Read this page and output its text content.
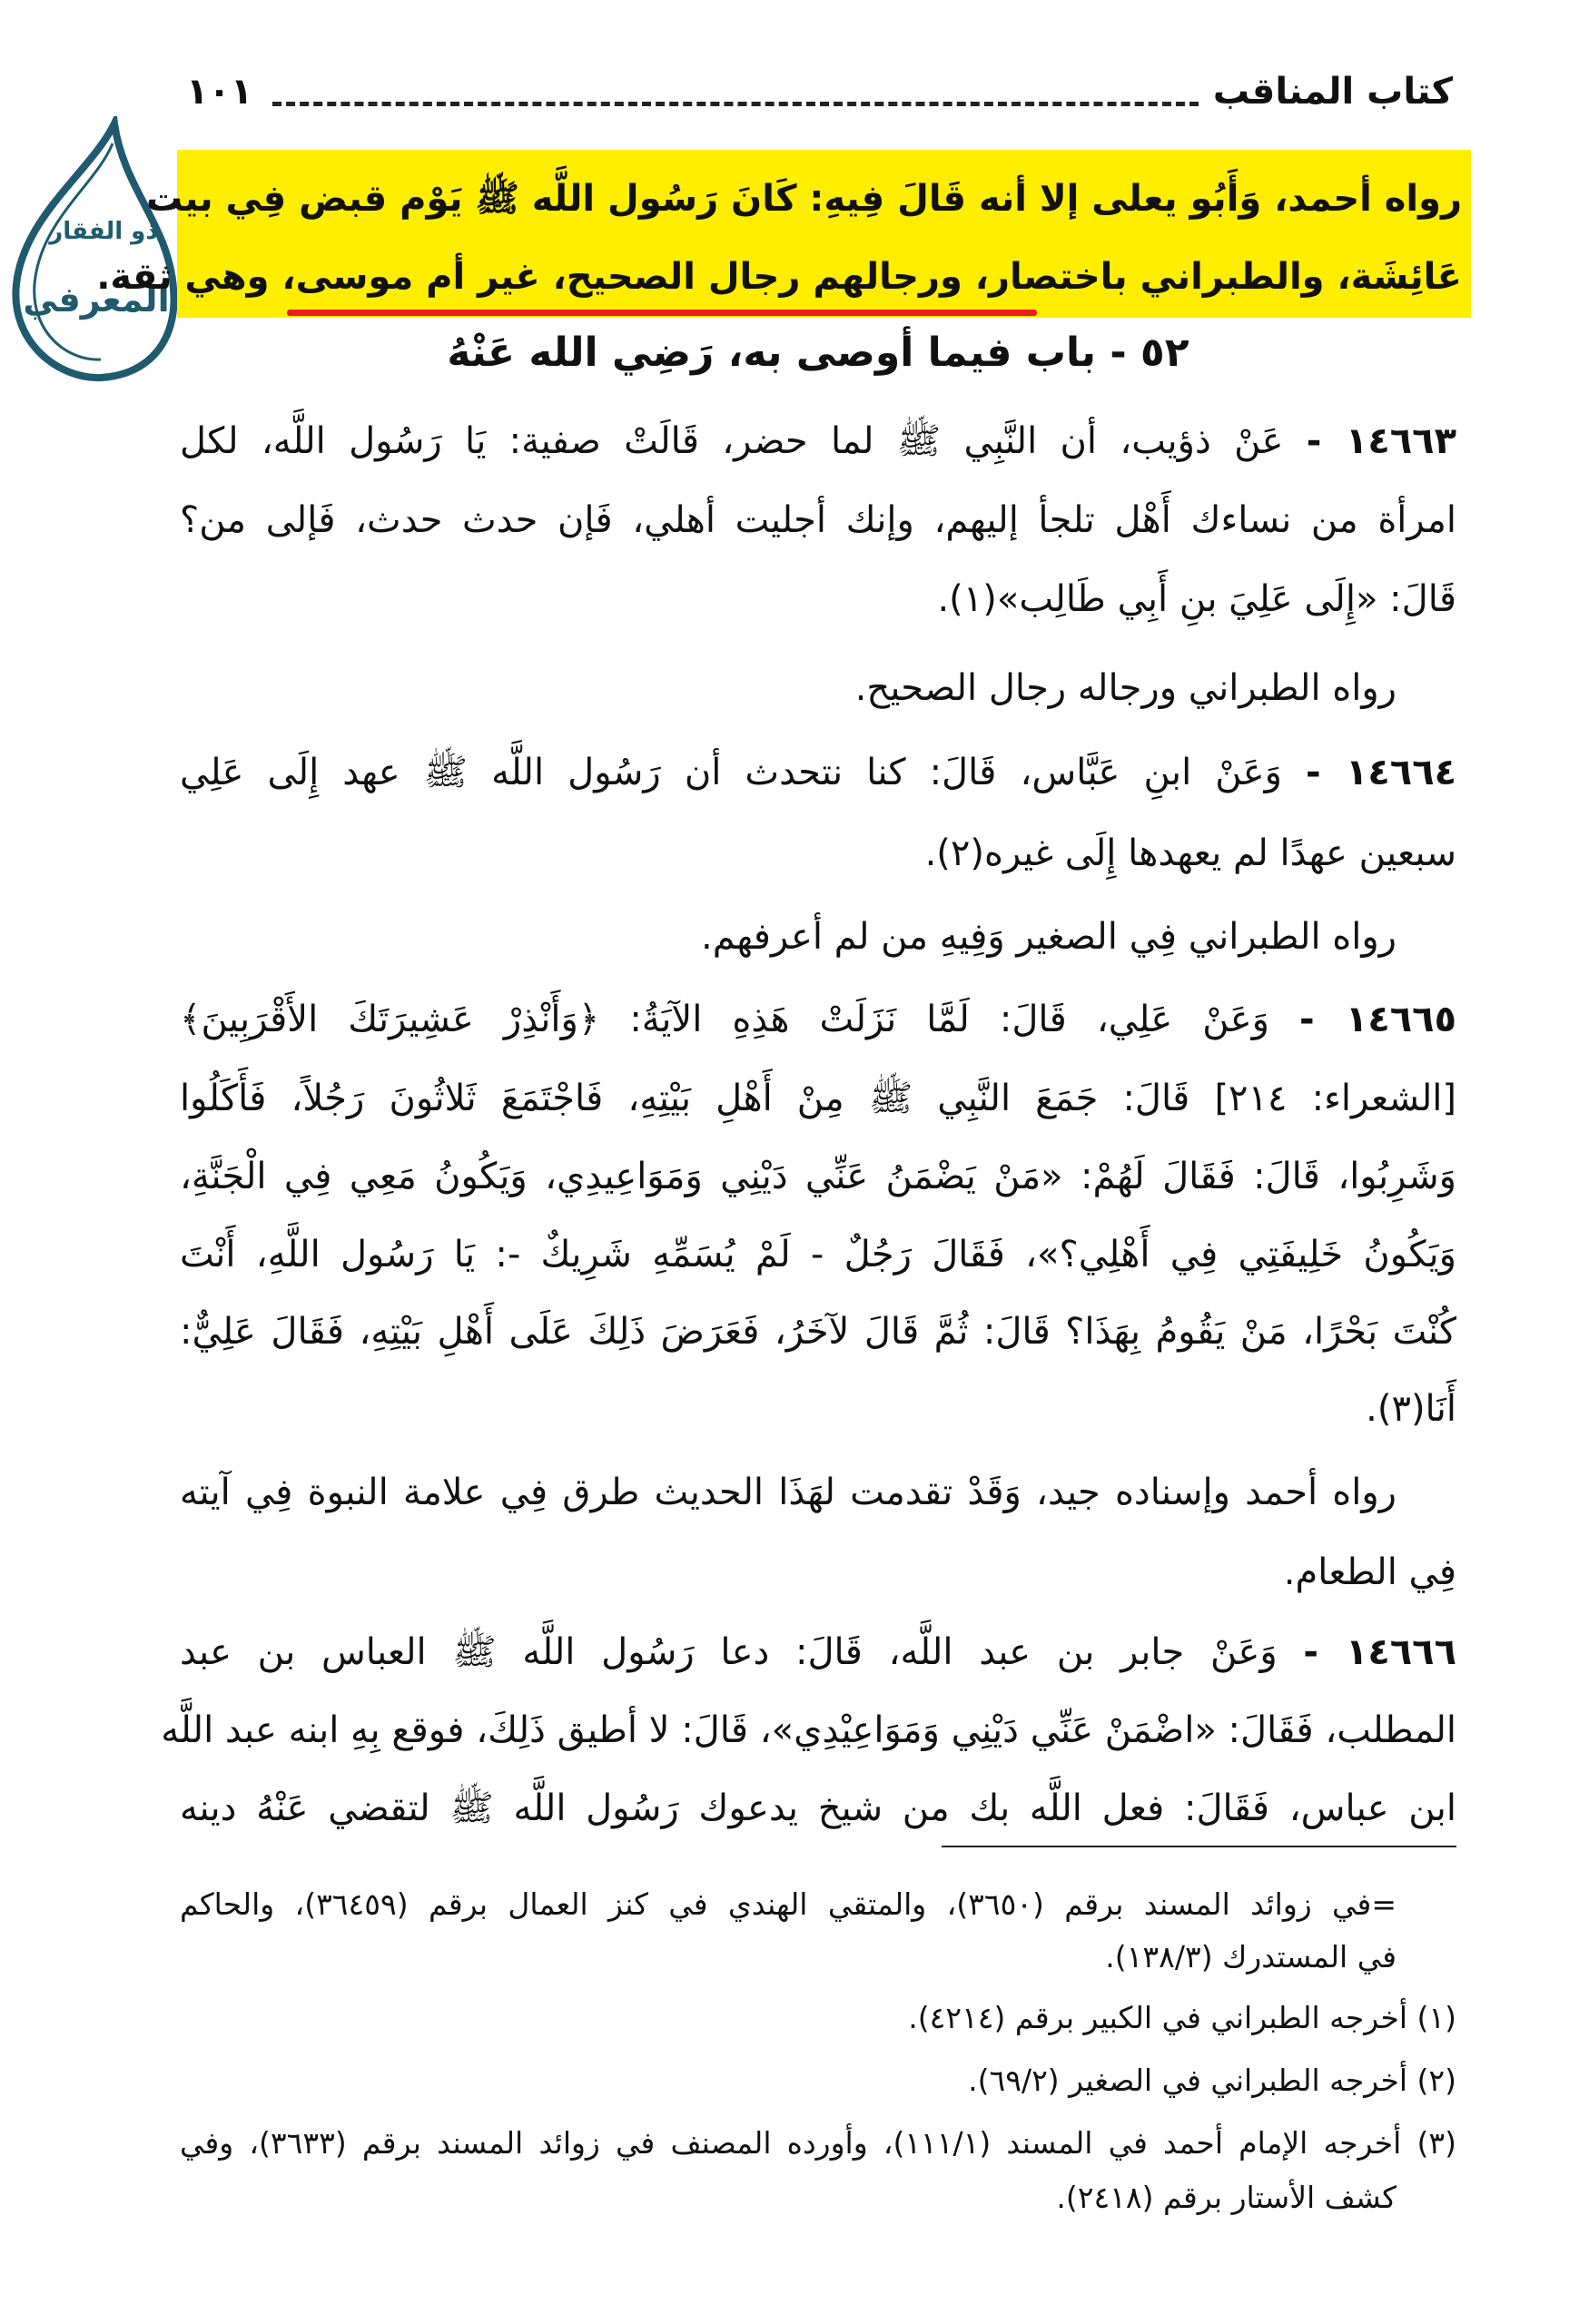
كتاب المناقب
١٠١
ذو الفقار
المعرفي
رواه أحمد، وَأَبُو يعلى إلا أنه قَالَ فِيهِ: كَانَ رَسُول اللَّه ﷺ يَوْم قبض فِي بيت
عَائِشَة، والطبراني باختصار، ورجالهم رجال الصحيح، غير أم موسى، وهي ثقة.
٥٢ - باب فيما أوصى به، رَضِي الله عَنْهُ
١٤٦٦٣ - عَنْ ذؤيب، أن النَّبِي ﷺ لما حضر، قَالَتْ صفية: يَا رَسُول اللَّه، لكل
امرأة من نساءك أَهْل تلجأ إليهم، وإنك أجليت أهلي، فَإن حدث حدث، فَإلى من؟
قَالَ: «إِلَى عَلِيَ بنِ أَبِي طَالِب»(١).
رواه الطبراني ورجاله رجال الصحيح.
١٤٦٦٤ - وَعَنْ ابنِ عَبَّاس، قَالَ: كنا نتحدث أن رَسُول اللَّه ﷺ عهد إِلَى عَلِي
سبعين عهدًا لم يعهدها إِلَى غيره(٢).
رواه الطبراني فِي الصغير وَفِيهِ من لم أعرفهم.
١٤٦٦٥ - وَعَنْ عَلِي، قَالَ: لَمَّا نَزَلَتْ هَذِهِ الآيَةُ: ﴿وَأَنْذِرْ عَشِيرَتَكَ الأَقْرَبِينَ﴾
[الشعراء: ٢١٤] قَالَ: جَمَعَ النَّبِي ﷺ مِنْ أَهْلِ بَيْتِهِ، فَاجْتَمَعَ ثَلاثُونَ رَجُلاً، فَأَكَلُوا
وَشَرِبُوا، قَالَ: فَقَالَ لَهُمْ: «مَنْ يَضْمَنُ عَنِّي دَيْنِي وَمَوَاعِيدِي، وَيَكُونُ مَعِي فِي الْجَنَّةِ،
وَيَكُونُ خَلِيفَتِي فِي أَهْلِي؟»، فَقَالَ رَجُلٌ - لَمْ يُسَمِّهِ شَرِيكٌ -: يَا رَسُول اللَّهِ، أَنْتَ
كُنْتَ بَحْرًا، مَنْ يَقُومُ بِهَذَا؟ قَالَ: ثُمَّ قَالَ لآخَرُ، فَعَرَضَ ذَلِكَ عَلَى أَهْلِ بَيْتِهِ، فَقَالَ عَلِيٌّ:
أَنَا(٣).
رواه أحمد وإسناده جيد، وَقَدْ تقدمت لهَذَا الحديث طرق فِي علامة النبوة فِي آيته
فِي الطعام.
١٤٦٦٦ - وَعَنْ جابر بن عبد اللَّه، قَالَ: دعا رَسُول اللَّه ﷺ العباس بن عبد
المطلب، فَقَالَ: «اضْمَنْ عَنِّي دَيْنِي وَمَوَاعِيْدِي»، قَالَ: لا أطيق ذَلِكَ، فوقع بِهِ ابنه عبد اللَّه
ابن عباس، فَقَالَ: فعل اللَّه بك من شيخ يدعوك رَسُول اللَّه ﷺ لتقضي عَنْهُ دينه
=في زوائد المسند برقم (٣٦٥٠)، والمتقي الهندي في كنز العمال برقم (٣٦٤٥٩)، والحاكم
في المستدرك (١٣٨/٣).
(١) أخرجه الطبراني في الكبير برقم (٤٢١٤).
(٢) أخرجه الطبراني في الصغير (٦٩/٢).
(٣) أخرجه الإمام أحمد في المسند (١١١/١)، وأورده المصنف في زوائد المسند برقم (٣٦٣٣)، وفي
كشف الأستار برقم (٢٤١٨).
